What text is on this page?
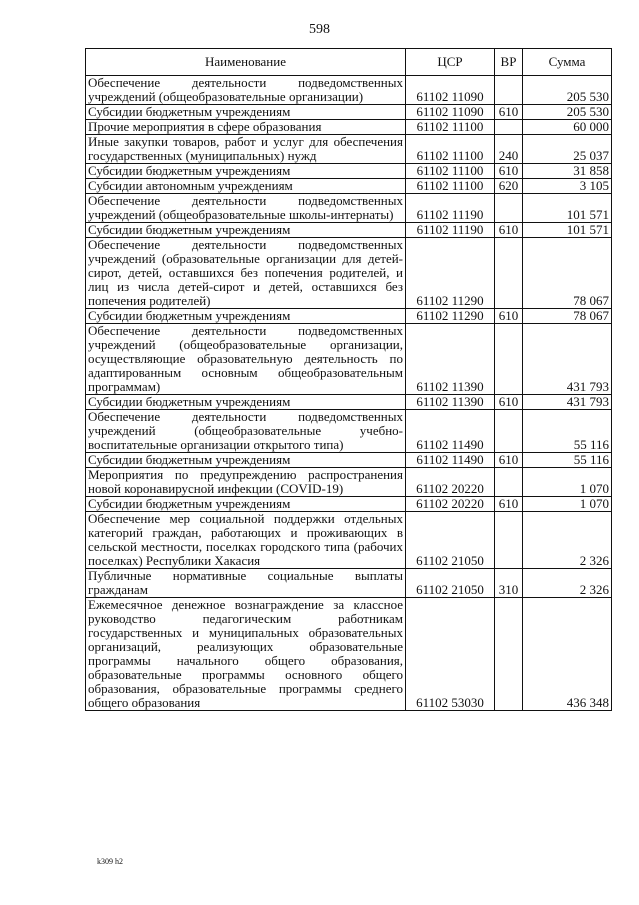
598
Наименование	ЦСР	ВР	Сумма
Обеспечение деятельности подведомственных учреждений (общеобразовательные организации)	61102 11090		205 530
Субсидии бюджетным учреждениям	61102 11090	610	205 530
Прочие мероприятия в сфере образования	61102 11100		60 000
Иные закупки товаров, работ и услуг для обеспечения государственных (муниципальных) нужд	61102 11100	240	25 037
Субсидии бюджетным учреждениям	61102 11100	610	31 858
Субсидии автономным учреждениям	61102 11100	620	3 105
Обеспечение деятельности подведомственных учреждений (общеобразовательные школы-интернаты)	61102 11190		101 571
Субсидии бюджетным учреждениям	61102 11190	610	101 571
Обеспечение деятельности подведомственных учреждений (образовательные организации для детей-сирот, детей, оставшихся без попечения родителей, и лиц из числа детей-сирот и детей, оставшихся без попечения родителей)	61102 11290		78 067
Субсидии бюджетным учреждениям	61102 11290	610	78 067
Обеспечение деятельности подведомственных учреждений (общеобразовательные организации, осуществляющие образовательную деятельность по адаптированным основным общеобразовательным программам)	61102 11390		431 793
Субсидии бюджетным учреждениям	61102 11390	610	431 793
Обеспечение деятельности подведомственных учреждений (общеобразовательные учебно-воспитательные организации открытого типа)	61102 11490		55 116
Субсидии бюджетным учреждениям	61102 11490	610	55 116
Мероприятия по предупреждению распространения новой коронавирусной инфекции (COVID-19)	61102 20220		1 070
Субсидии бюджетным учреждениям	61102 20220	610	1 070
Обеспечение мер социальной поддержки отдельных категорий граждан, работающих и проживающих в сельской местности, поселках городского типа (рабочих поселках) Республики Хакасия	61102 21050		2 326
Публичные нормативные социальные выплаты гражданам	61102 21050	310	2 326
Ежемесячное денежное вознаграждение за классное руководство педагогическим работникам государственных и муниципальных образовательных организаций, реализующих образовательные программы начального общего образования, образовательные программы основного общего образования, образовательные программы среднего общего образования	61102 53030		436 348
k309 h2
